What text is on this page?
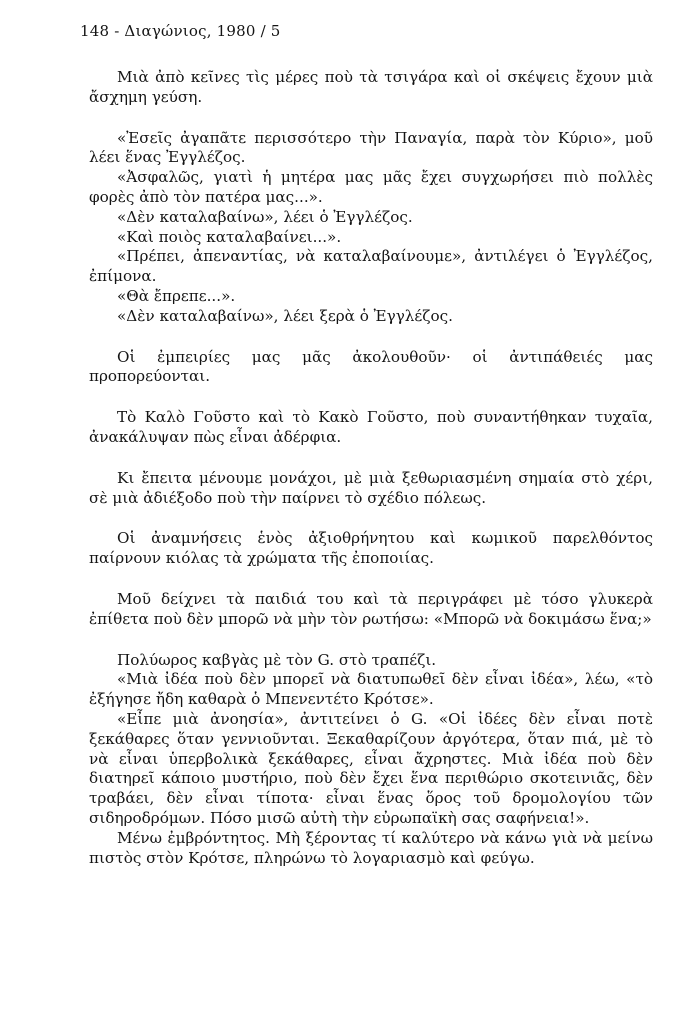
148 - Διαγώνιος, 1980 / 5

Μιὰ ἀπὸ κεῖνες τὶς μέρες ποὺ τὰ τσιγάρα καὶ οἱ σκέψεις ἔχουν μιὰ ἄσχημη γεύση.

«Ἐσεῖς ἀγαπᾶτε περισσότερο τὴν Παναγία, παρὰ τὸν Κύριο», μοῦ λέει ἕνας Ἐγγλέζος.

«Ἀσφαλῶς, γιατὶ ἡ μητέρα μας μᾶς ἔχει συγχωρήσει πιὸ πολλὲς φορὲς ἀπὸ τὸν πατέρα μας...».

«Δὲν καταλαβαίνω», λέει ὁ Ἐγγλέζος.

«Καὶ ποιὸς καταλαβαίνει...».

«Πρέπει, ἀπεναντίας, νὰ καταλαβαίνουμε», ἀντιλέγει ὁ Ἐγγλέζος, ἐπίμονα.

«Θὰ ἔπρεπε...».

«Δὲν καταλαβαίνω», λέει ξερὰ ὁ Ἐγγλέζος.

Οἱ ἐμπειρίες μας μᾶς ἀκολουθοῦν· οἱ ἀντιπάθειές μας προπορεύονται.

Τὸ Καλὸ Γοῦστο καὶ τὸ Κακὸ Γοῦστο, ποὺ συναντήθηκαν τυχαῖα, ἀνακάλυψαν πὼς εἶναι ἀδέρφια.

Κι ἔπειτα μένουμε μονάχοι, μὲ μιὰ ξεθωριασμένη σημαία στὸ χέρι, σὲ μιὰ ἀδιέξοδο ποὺ τὴν παίρνει τὸ σχέδιο πόλεως.

Οἱ ἀναμνήσεις ἑνὸς ἀξιοθρήνητου καὶ κωμικοῦ παρελθόντος παίρνουν κιόλας τὰ χρώματα τῆς ἐποποιίας.

Μοῦ δείχνει τὰ παιδιά του καὶ τὰ περιγράφει μὲ τόσο γλυκερὰ ἐπίθετα ποὺ δὲν μπορῶ νὰ μὴν τὸν ρωτήσω: «Μπορῶ νὰ δοκιμάσω ἕνα;»

Πολύωρος καβγὰς μὲ τὸν G. στὸ τραπέζι.

«Μιὰ ἰδέα ποὺ δὲν μπορεῖ νὰ διατυπωθεῖ δὲν εἶναι ἰδέα», λέω, «τὸ ἐξήγησε ἤδη καθαρὰ ὁ Μπενεντέτο Κρότσε».

«Εἶπε μιὰ ἀνοησία», ἀντιτείνει ὁ G. «Οἱ ἰδέες δὲν εἶναι ποτὲ ξεκάθαρες ὅταν γεννιοῦνται. Ξεκαθαρίζουν ἀργότερα, ὅταν πιά, μὲ τὸ νὰ εἶναι ὑπερβολικὰ ξεκάθαρες, εἶναι ἄχρηστες. Μιὰ ἰδέα ποὺ δὲν διατηρεῖ κάποιο μυστήριο, ποὺ δὲν ἔχει ἕνα περιθώριο σκοτεινιᾶς, δὲν τραβάει, δὲν εἶναι τίποτα· εἶναι ἕνας ὅρος τοῦ δρομολογίου τῶν σιδηροδρόμων. Πόσο μισῶ αὐτὴ τὴν εὐρωπαϊκὴ σας σαφήνεια!».

Μένω ἐμβρόντητος. Μὴ ξέροντας τί καλύτερο νὰ κάνω γιὰ νὰ μείνω πιστὸς στὸν Κρότσε, πληρώνω τὸ λογαριασμὸ καὶ φεύγω.
